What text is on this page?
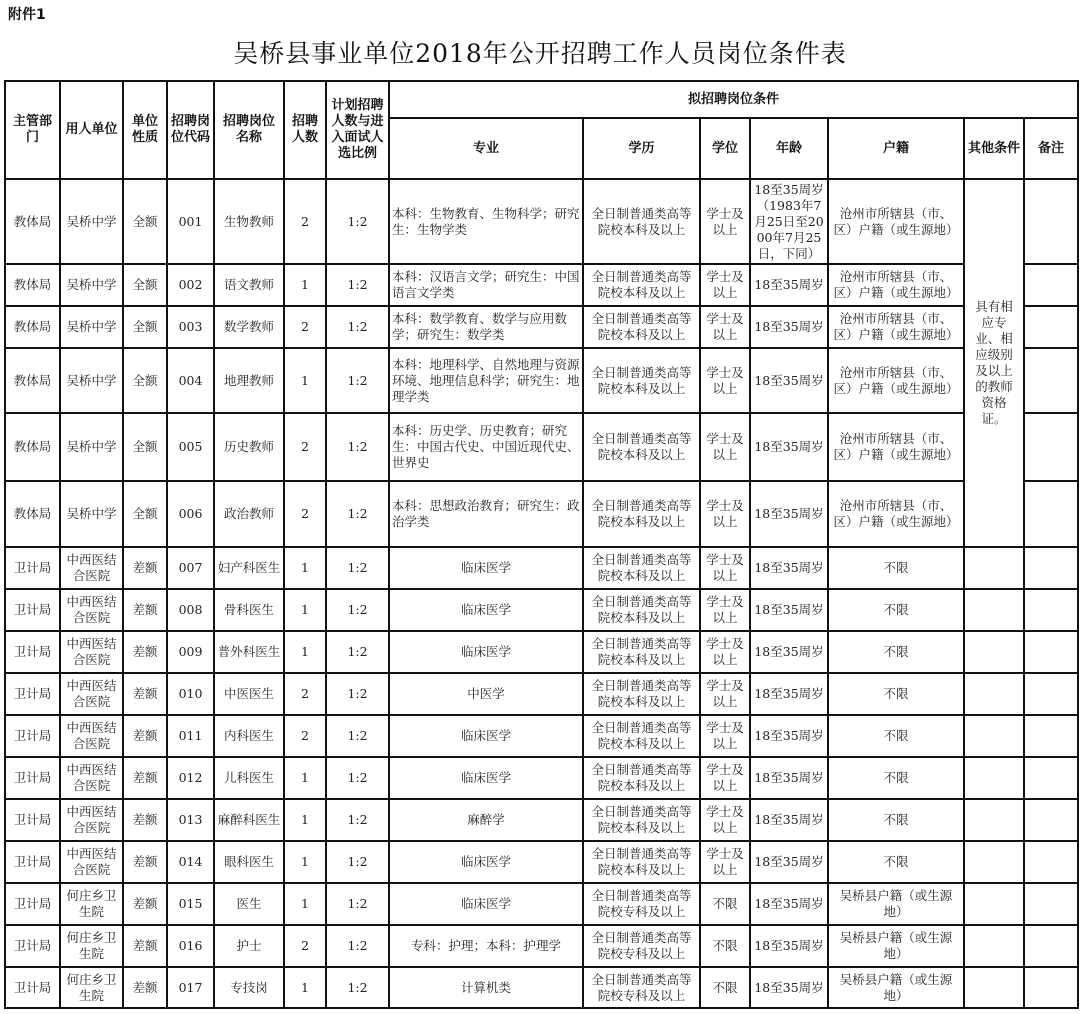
附件1
吴桥县事业单位2018年公开招聘工作人员岗位条件表
主管部门	用人单位	单位性质	招聘岗位代码	招聘岗位名称	招聘人数	计划招聘人数与进入面试人选比例	拟招聘岗位条件						
							专业	学历	学位	年龄	户籍	其他条件	备注
教体局	吴桥中学	全额	001	生物教师	2	1:2	本科：生物教育、生物科学；研究生：生物学类	全日制普通类高等院校本科及以上	学士及以上	18至35周岁（1983年7月25日至2000年7月25日，下同）	沧州市所辖县（市、区）户籍（或生源地）	具有相应专业、相应级别及以上的教师资格证。	
教体局	吴桥中学	全额	002	语文教师	1	1:2	本科：汉语言文学；研究生：中国语言文学类	全日制普通类高等院校本科及以上	学士及以上	18至35周岁	沧州市所辖县（市、区）户籍（或生源地）		
教体局	吴桥中学	全额	003	数学教师	2	1:2	本科：数学教育、数学与应用数学；研究生：数学类	全日制普通类高等院校本科及以上	学士及以上	18至35周岁	沧州市所辖县（市、区）户籍（或生源地）		
教体局	吴桥中学	全额	004	地理教师	1	1:2	本科：地理科学、自然地理与资源环境、地理信息科学；研究生：地理学类	全日制普通类高等院校本科及以上	学士及以上	18至35周岁	沧州市所辖县（市、区）户籍（或生源地）		
教体局	吴桥中学	全额	005	历史教师	2	1:2	本科：历史学、历史教育；研究生：中国古代史、中国近现代史、世界史	全日制普通类高等院校本科及以上	学士及以上	18至35周岁	沧州市所辖县（市、区）户籍（或生源地）		
教体局	吴桥中学	全额	006	政治教师	2	1:2	本科：思想政治教育；研究生：政治学类	全日制普通类高等院校本科及以上	学士及以上	18至35周岁	沧州市所辖县（市、区）户籍（或生源地）		
卫计局	中西医结合医院	差额	007	妇产科医生	1	1:2	临床医学	全日制普通类高等院校本科及以上	学士及以上	18至35周岁	不限		
卫计局	中西医结合医院	差额	008	骨科医生	1	1:2	临床医学	全日制普通类高等院校本科及以上	学士及以上	18至35周岁	不限		
卫计局	中西医结合医院	差额	009	普外科医生	1	1:2	临床医学	全日制普通类高等院校本科及以上	学士及以上	18至35周岁	不限		
卫计局	中西医结合医院	差额	010	中医医生	2	1:2	中医学	全日制普通类高等院校本科及以上	学士及以上	18至35周岁	不限		
卫计局	中西医结合医院	差额	011	内科医生	2	1:2	临床医学	全日制普通类高等院校本科及以上	学士及以上	18至35周岁	不限		
卫计局	中西医结合医院	差额	012	儿科医生	1	1:2	临床医学	全日制普通类高等院校本科及以上	学士及以上	18至35周岁	不限		
卫计局	中西医结合医院	差额	013	麻醉科医生	1	1:2	麻醉学	全日制普通类高等院校本科及以上	学士及以上	18至35周岁	不限		
卫计局	中西医结合医院	差额	014	眼科医生	1	1:2	临床医学	全日制普通类高等院校本科及以上	学士及以上	18至35周岁	不限		
卫计局	何庄乡卫生院	差额	015	医生	1	1:2	临床医学	全日制普通类高等院校专科及以上	不限	18至35周岁	吴桥县户籍（或生源地）		
卫计局	何庄乡卫生院	差额	016	护士	2	1:2	专科：护理；本科：护理学	全日制普通类高等院校专科及以上	不限	18至35周岁	吴桥县户籍（或生源地）		
卫计局	何庄乡卫生院	差额	017	专技岗	1	1:2	计算机类	全日制普通类高等院校专科及以上	不限	18至35周岁	吴桥县户籍（或生源地）		
